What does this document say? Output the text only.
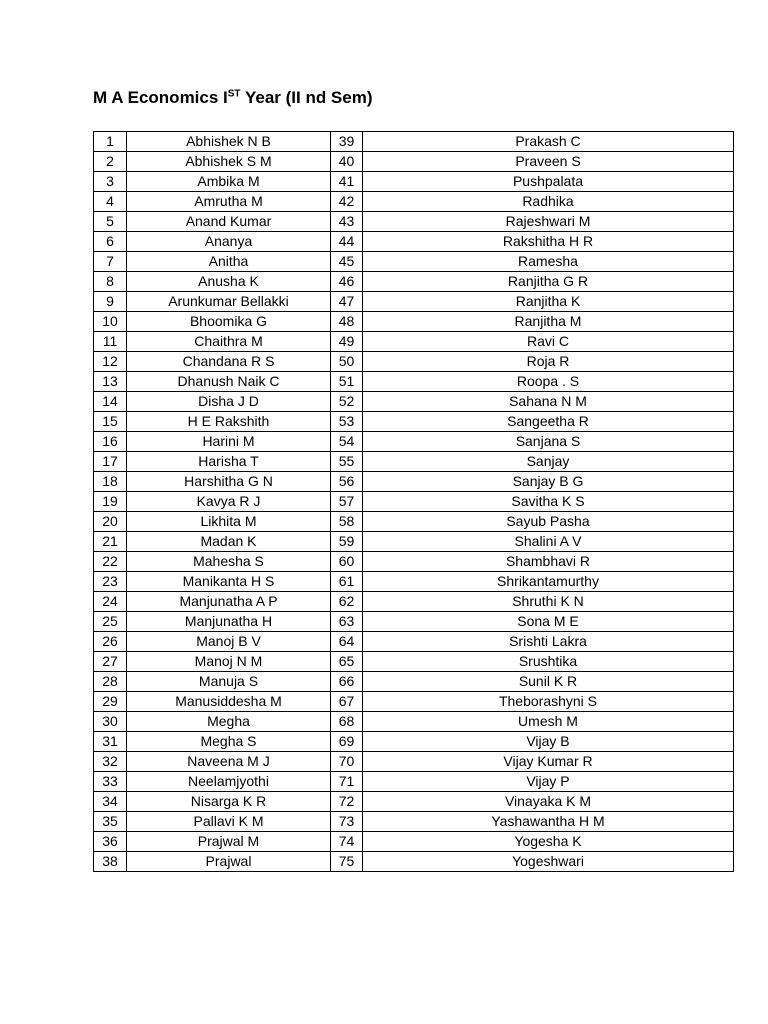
M A Economics IST Year (II nd Sem)
1	Abhishek N B	39	Prakash C
2	Abhishek S M	40	Praveen S
3	Ambika M	41	Pushpalata
4	Amrutha M	42	Radhika
5	Anand Kumar	43	Rajeshwari M
6	Ananya	44	Rakshitha H R
7	Anitha	45	Ramesha
8	Anusha K	46	Ranjitha G R
9	Arunkumar Bellakki	47	Ranjitha K
10	Bhoomika G	48	Ranjitha M
11	Chaithra M	49	Ravi C
12	Chandana R S	50	Roja R
13	Dhanush Naik C	51	Roopa . S
14	Disha J D	52	Sahana N M
15	H E Rakshith	53	Sangeetha R
16	Harini M	54	Sanjana S
17	Harisha T	55	Sanjay
18	Harshitha G N	56	Sanjay B G
19	Kavya R J	57	Savitha K S
20	Likhita M	58	Sayub Pasha
21	Madan K	59	Shalini A V
22	Mahesha S	60	Shambhavi R
23	Manikanta H S	61	Shrikantamurthy
24	Manjunatha A P	62	Shruthi K N
25	Manjunatha H	63	Sona M E
26	Manoj B V	64	Srishti Lakra
27	Manoj N M	65	Srushtika
28	Manuja S	66	Sunil K R
29	Manusiddesha M	67	Theborashyni S
30	Megha	68	Umesh M
31	Megha S	69	Vijay B
32	Naveena M J	70	Vijay Kumar R
33	Neelamjyothi	71	Vijay P
34	Nisarga K R	72	Vinayaka K M
35	Pallavi K M	73	Yashawantha H M
36	Prajwal M	74	Yogesha K
38	Prajwal	75	Yogeshwari
